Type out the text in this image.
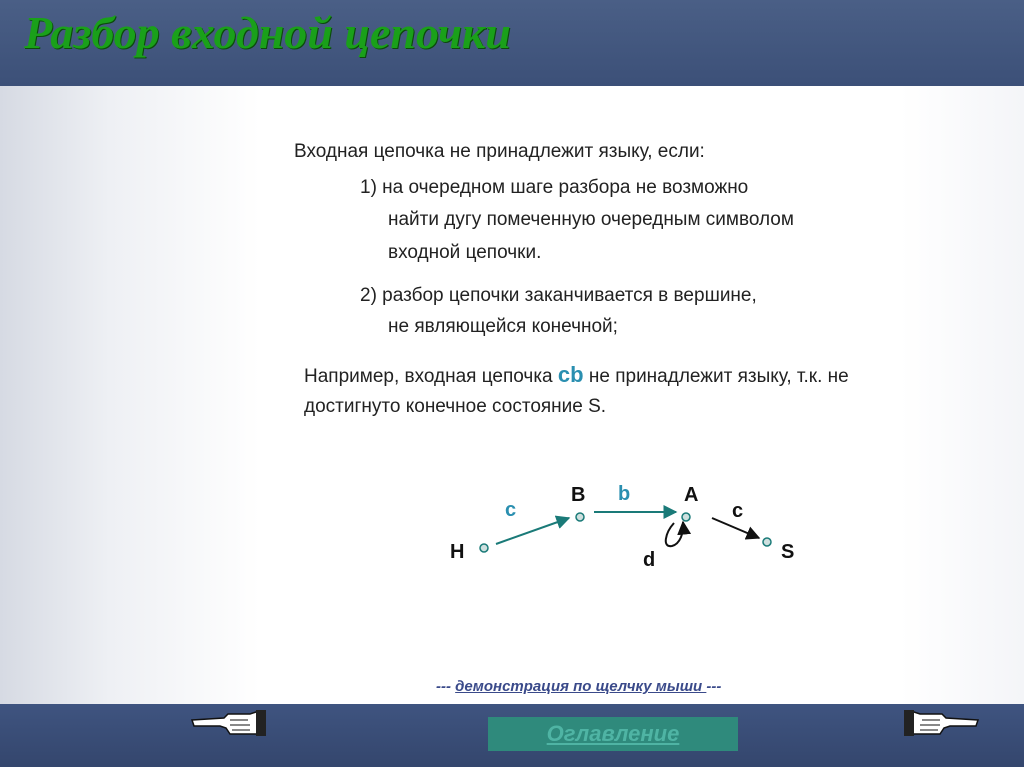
Разбор входной цепочки
Входная цепочка не принадлежит языку, если:
1) на очередном шаге разбора не возможно
найти дугу помеченную очередным символом
входной цепочки.
2) разбор цепочки заканчивается в вершине,
не являющейся конечной;
Например, входная цепочка cb не принадлежит языку, т.к. не
достигнуто конечное состояние S.
H
B	A
S
c
b
d
c
--- демонстрация по щелчку мыши ---
Оглавление
